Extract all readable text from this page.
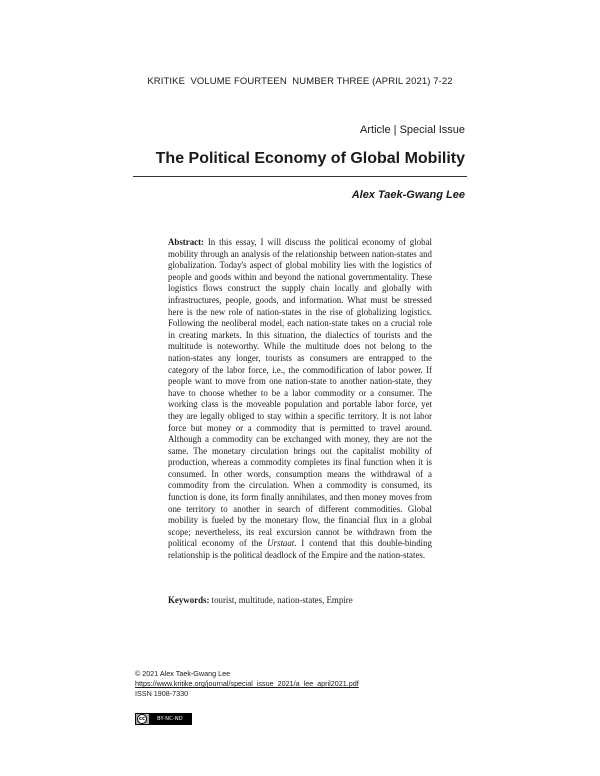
KRITIKE  VOLUME FOURTEEN  NUMBER THREE (APRIL 2021) 7-22
Article | Special Issue
The Political Economy of Global Mobility
Alex Taek-Gwang Lee

Abstract: In this essay, I will discuss the political economy of global mobility through an analysis of the relationship between nation-states and globalization. Today's aspect of global mobility lies with the logistics of people and goods within and beyond the national governmentality. These logistics flows construct the supply chain locally and globally with infrastructures, people, goods, and information. What must be stressed here is the new role of nation-states in the rise of globalizing logistics. Following the neoliberal model, each nation-state takes on a crucial role in creating markets. In this situation, the dialectics of tourists and the multitude is noteworthy. While the multitude does not belong to the nation-states any longer, tourists as consumers are entrapped to the category of the labor force, i.e., the commodification of labor power. If people want to move from one nation-state to another nation-state, they have to choose whether to be a labor commodity or a consumer. The working class is the moveable population and portable labor force, yet they are legally obliged to stay within a specific territory. It is not labor force but money or a commodity that is permitted to travel around. Although a commodity can be exchanged with money, they are not the same. The monetary circulation brings out the capitalist mobility of production, whereas a commodity completes its final function when it is consumed. In other words, consumption means the withdrawal of a commodity from the circulation. When a commodity is consumed, its function is done, its form finally annihilates, and then money moves from one territory to another in search of different commodities. Global mobility is fueled by the monetary flow, the financial flux in a global scope; nevertheless, its real excursion cannot be withdrawn from the political economy of the Urstaat. I contend that this double-binding relationship is the political deadlock of the Empire and the nation-states.

Keywords: tourist, multitude, nation-states, Empire

© 2021 Alex Taek-Gwang Lee
https://www.kritike.org/journal/special_issue_2021/a_lee_april2021.pdf
ISSN 1908-7330
cc	BY-NC-ND
